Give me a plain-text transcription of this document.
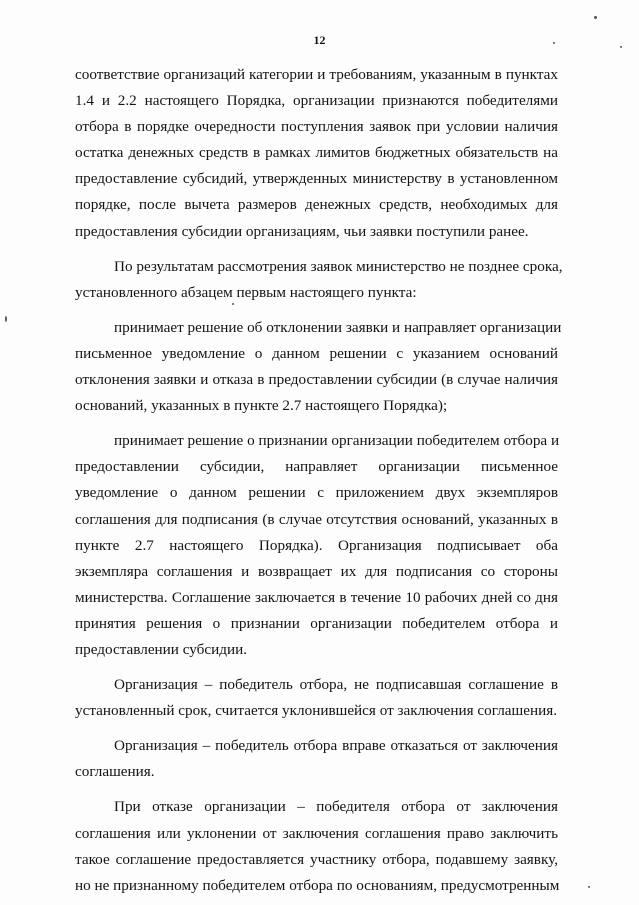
12
соответствие организаций категории и требованиям, указанным в пунктах
1.4 и 2.2 настоящего Порядка, организации признаются победителями
отбора в порядке очередности поступления заявок при условии наличия
остатка денежных средств в рамках лимитов бюджетных обязательств на
предоставление субсидий, утвержденных министерству в установленном
порядке, после вычета размеров денежных средств, необходимых для
предоставления субсидии организациям, чьи заявки поступили ранее.
По результатам рассмотрения заявок министерство не позднее срока,
установленного абзацем первым настоящего пункта:
принимает решение об отклонении заявки и направляет организации
письменное уведомление о данном решении с указанием оснований
отклонения заявки и отказа в предоставлении субсидии (в случае наличия
оснований, указанных в пункте 2.7 настоящего Порядка);
принимает решение о признании организации победителем отбора и
предоставлении субсидии, направляет организации письменное
уведомление о данном решении с приложением двух экземпляров
соглашения для подписания (в случае отсутствия оснований, указанных в
пункте 2.7 настоящего Порядка). Организация подписывает оба
экземпляра соглашения и возвращает их для подписания со стороны
министерства. Соглашение заключается в течение 10 рабочих дней со дня
принятия решения о признании организации победителем отбора и
предоставлении субсидии.
Организация – победитель отбора, не подписавшая соглашение в
установленный срок, считается уклонившейся от заключения соглашения.
Организация – победитель отбора вправе отказаться от заключения
соглашения.
При отказе организации – победителя отбора от заключения
соглашения или уклонении от заключения соглашения право заключить
такое соглашение предоставляется участнику отбора, подавшему заявку,
но не признанному победителем отбора по основаниям, предусмотренным
